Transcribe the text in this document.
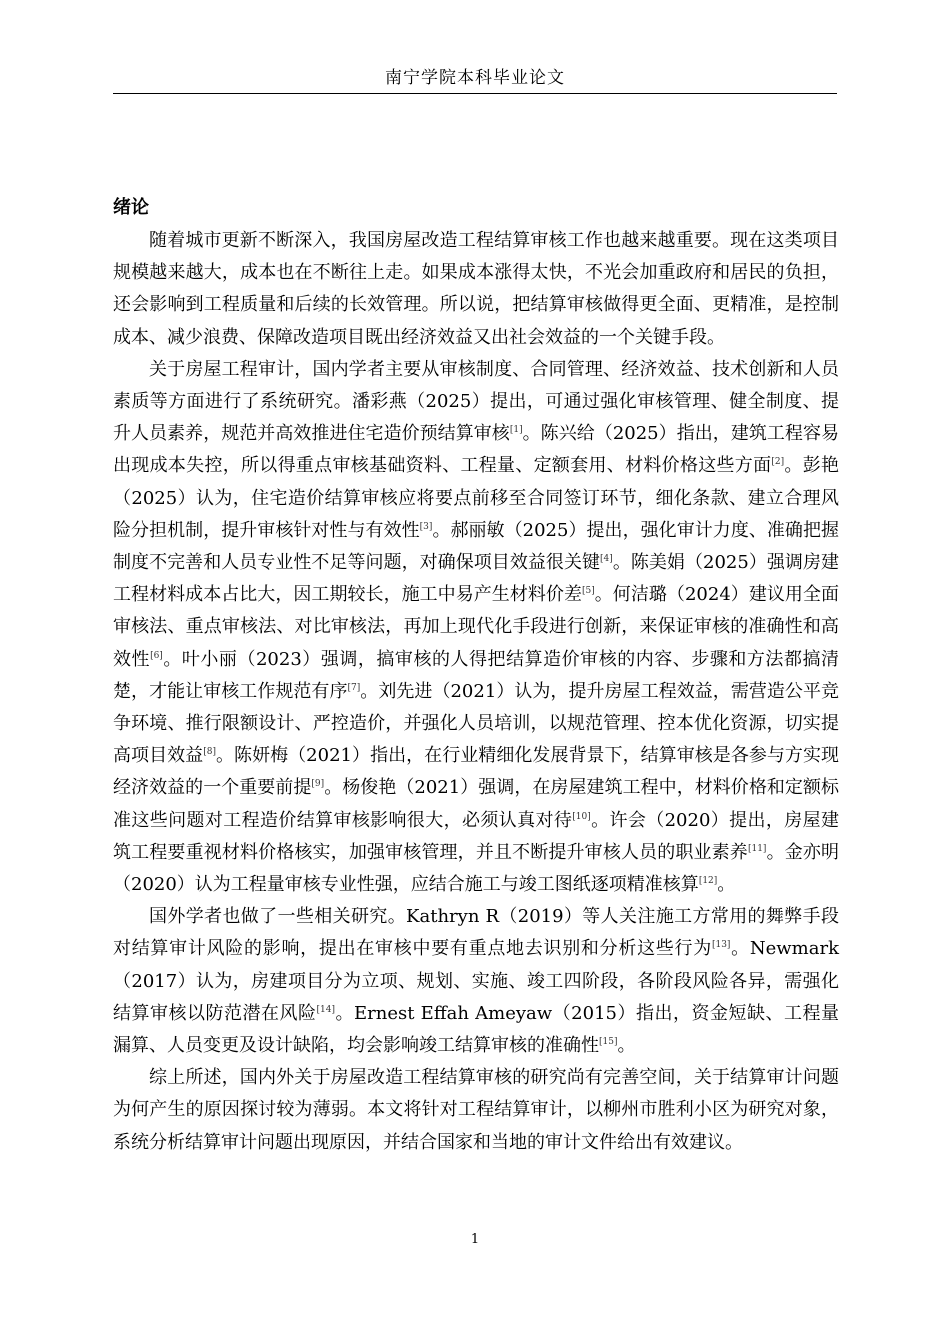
南宁学院本科毕业论文
绪论

随着城市更新不断深入，我国房屋改造工程结算审核工作也越来越重要。现在这类项目规模越来越大，成本也在不断往上走。如果成本涨得太快，不光会加重政府和居民的负担，还会影响到工程质量和后续的长效管理。所以说，把结算审核做得更全面、更精准，是控制成本、减少浪费、保障改造项目既出经济效益又出社会效益的一个关键手段。

关于房屋工程审计，国内学者主要从审核制度、合同管理、经济效益、技术创新和人员素质等方面进行了系统研究。潘彩燕（2025）提出，可通过强化审核管理、健全制度、提升人员素养，规范并高效推进住宅造价预结算审核[1]。陈兴给（2025）指出，建筑工程容易出现成本失控，所以得重点审核基础资料、工程量、定额套用、材料价格这些方面[2]。彭艳（2025）认为，住宅造价结算审核应将要点前移至合同签订环节，细化条款、建立合理风险分担机制，提升审核针对性与有效性[3]。郝丽敏（2025）提出，强化审计力度、准确把握制度不完善和人员专业性不足等问题，对确保项目效益很关键[4]。陈美娟（2025）强调房建工程材料成本占比大，因工期较长，施工中易产生材料价差[5]。何洁璐（2024）建议用全面审核法、重点审核法、对比审核法，再加上现代化手段进行创新，来保证审核的准确性和高效性[6]。叶小丽（2023）强调，搞审核的人得把结算造价审核的内容、步骤和方法都搞清楚，才能让审核工作规范有序[7]。刘先进（2021）认为，提升房屋工程效益，需营造公平竞争环境、推行限额设计、严控造价，并强化人员培训，以规范管理、控本优化资源，切实提高项目效益[8]。陈妍梅（2021）指出，在行业精细化发展背景下，结算审核是各参与方实现经济效益的一个重要前提[9]。杨俊艳（2021）强调，在房屋建筑工程中，材料价格和定额标准这些问题对工程造价结算审核影响很大，必须认真对待[10]。许会（2020）提出，房屋建筑工程要重视材料价格核实，加强审核管理，并且不断提升审核人员的职业素养[11]。金亦明（2020）认为工程量审核专业性强，应结合施工与竣工图纸逐项精准核算[12]。

国外学者也做了一些相关研究。Kathryn R（2019）等人关注施工方常用的舞弊手段对结算审计风险的影响，提出在审核中要有重点地去识别和分析这些行为[13]。Newmark（2017）认为，房建项目分为立项、规划、实施、竣工四阶段，各阶段风险各异，需强化结算审核以防范潜在风险[14]。Ernest Effah Ameyaw（2015）指出，资金短缺、工程量漏算、人员变更及设计缺陷，均会影响竣工结算审核的准确性[15]。

综上所述，国内外关于房屋改造工程结算审核的研究尚有完善空间，关于结算审计问题为何产生的原因探讨较为薄弱。本文将针对工程结算审计，以柳州市胜利小区为研究对象，系统分析结算审计问题出现原因，并结合国家和当地的审计文件给出有效建议。

1
